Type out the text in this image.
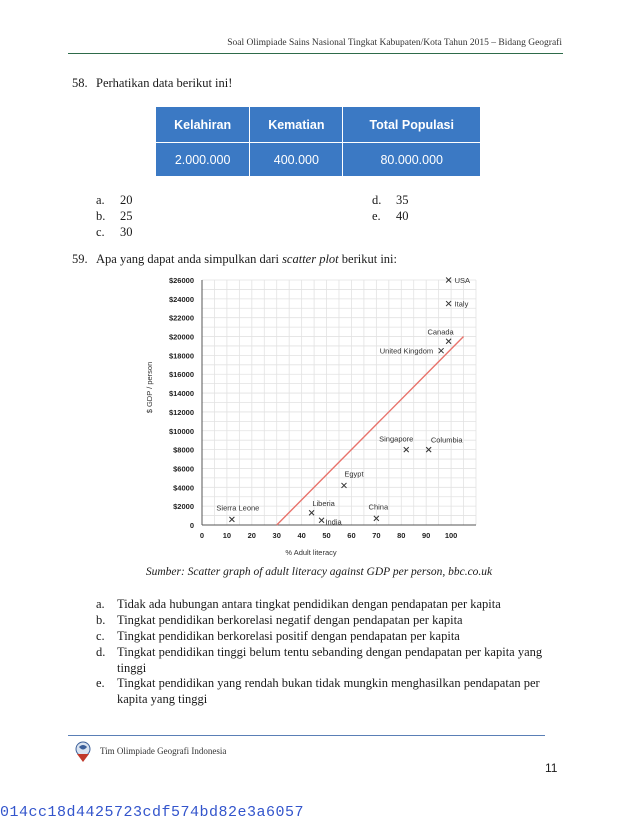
Soal Olimpiade Sains Nasional Tingkat Kabupaten/Kota Tahun 2015 – Bidang Geografi
58. Perhatikan data berikut ini!
Kelahiran	Kematian	Total Populasi
2.000.000	400.000	80.000.000
a. 20
b. 25
c. 30
d. 35
e. 40
59. Apa yang dapat anda simpulkan dari scatter plot berikut ini:
0
$2000
$4000
$6000
$8000
$10000
$12000
$14000
$16000
$18000
$20000
$22000
$24000
$26000
0 10 20 30 40 50 60 70 80 90 100
USA
Italy
Canada
United Kingdom
Singapore Columbia
Egypt
China
Liberia
India
Sierra Leone
% Adult literacy
$ GDP / person
Sumber: Scatter graph of adult literacy against GDP per person, bbc.co.uk
a. Tidak ada hubungan antara tingkat pendidikan dengan pendapatan per kapita
b. Tingkat pendidikan berkorelasi negatif dengan pendapatan per kapita
c. Tingkat pendidikan berkorelasi positif dengan pendapatan per kapita
d. Tingkat pendidikan tinggi belum tentu sebanding dengan pendapatan per kapita yang tinggi
e. Tingkat pendidikan yang rendah bukan tidak mungkin menghasilkan pendapatan per kapita yang tinggi
Tim Olimpiade Geografi Indonesia
11
014cc18d4425723cdf574bd82e3a6057
